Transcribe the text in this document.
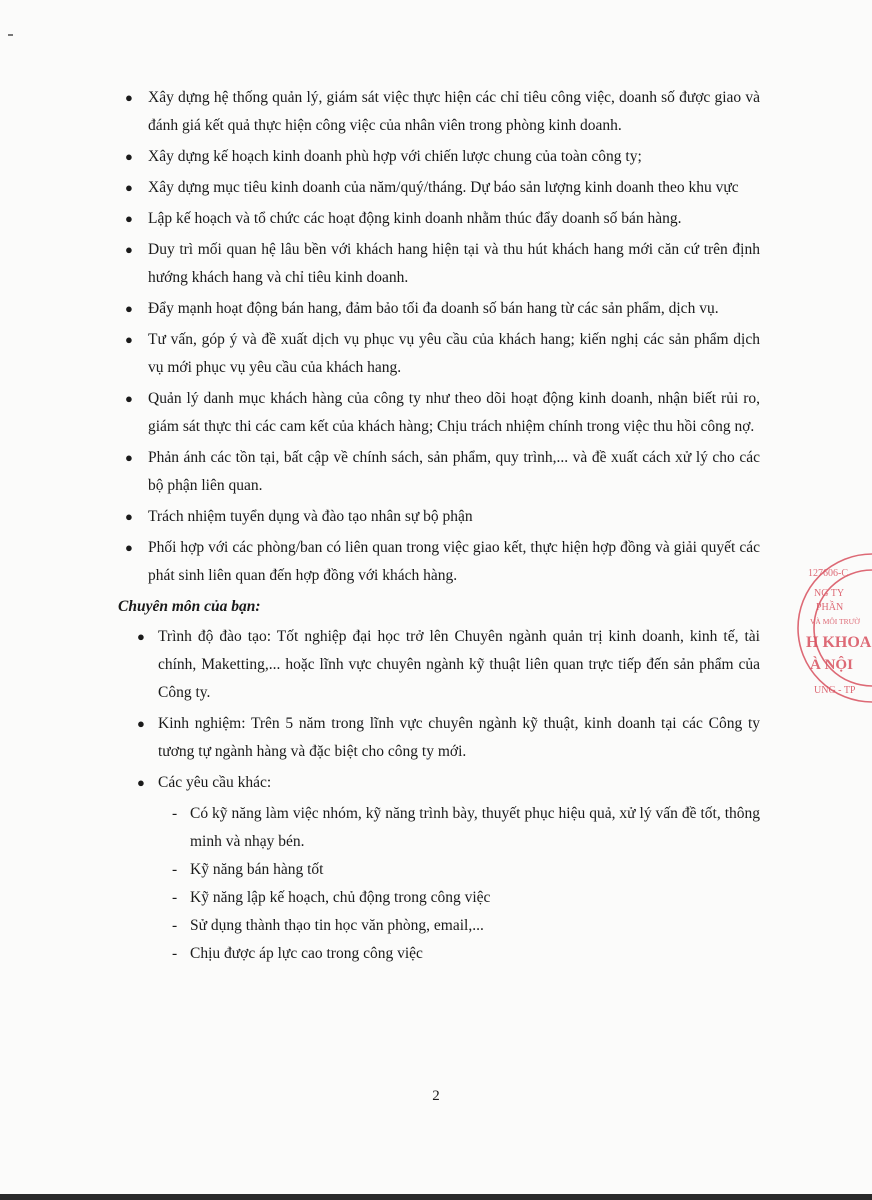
● Xây dựng hệ thống quản lý, giám sát việc thực hiện các chỉ tiêu công việc, doanh số được giao và đánh giá kết quả thực hiện công việc của nhân viên trong phòng kinh doanh.
● Xây dựng kế hoạch kinh doanh phù hợp với chiến lược chung của toàn công ty;
● Xây dựng mục tiêu kinh doanh của năm/quý/tháng. Dự báo sản lượng kinh doanh theo khu vực
● Lập kế hoạch và tổ chức các hoạt động kinh doanh nhằm thúc đẩy doanh số bán hàng.
● Duy trì mối quan hệ lâu bền với khách hang hiện tại và thu hút khách hang mới căn cứ trên định hướng khách hang và chỉ tiêu kinh doanh.
● Đẩy mạnh hoạt động bán hang, đảm bảo tối đa doanh số bán hang từ các sản phẩm, dịch vụ.
● Tư vấn, góp ý và đề xuất dịch vụ phục vụ yêu cầu của khách hang; kiến nghị các sản phẩm dịch vụ mới phục vụ yêu cầu của khách hang.
● Quản lý danh mục khách hàng của công ty như theo dõi hoạt động kinh doanh, nhận biết rủi ro, giám sát thực thi các cam kết của khách hàng; Chịu trách nhiệm chính trong việc thu hồi công nợ.
● Phản ánh các tồn tại, bất cập về chính sách, sản phẩm, quy trình,... và đề xuất cách xử lý cho các bộ phận liên quan.
● Trách nhiệm tuyển dụng và đào tạo nhân sự bộ phận
● Phối hợp với các phòng/ban có liên quan trong việc giao kết, thực hiện hợp đồng và giải quyết các phát sinh liên quan đến hợp đồng với khách hàng.
Chuyên môn của bạn:
● Trình độ đào tạo: Tốt nghiệp đại học trở lên Chuyên ngành quản trị kinh doanh, kinh tế, tài chính, Maketting,... hoặc lĩnh vực chuyên ngành kỹ thuật liên quan trực tiếp đến sản phẩm của Công ty.
● Kinh nghiệm: Trên 5 năm trong lĩnh vực chuyên ngành kỹ thuật, kinh doanh tại các Công ty tương tự ngành hàng và đặc biệt cho công ty mới.
● Các yêu cầu khác:
- Có kỹ năng làm việc nhóm, kỹ năng trình bày, thuyết phục hiệu quả, xử lý vấn đề tốt, thông minh và nhạy bén.
- Kỹ năng bán hàng tốt
- Kỹ năng lập kế hoạch, chủ động trong công việc
- Sử dụng thành thạo tin học văn phòng, email,...
- Chịu được áp lực cao trong công việc
2
127606-C
NG TY
PHẦN
VÀ MÔI TRƯỜ
H KHOA
À NỘI
UNG - TP
